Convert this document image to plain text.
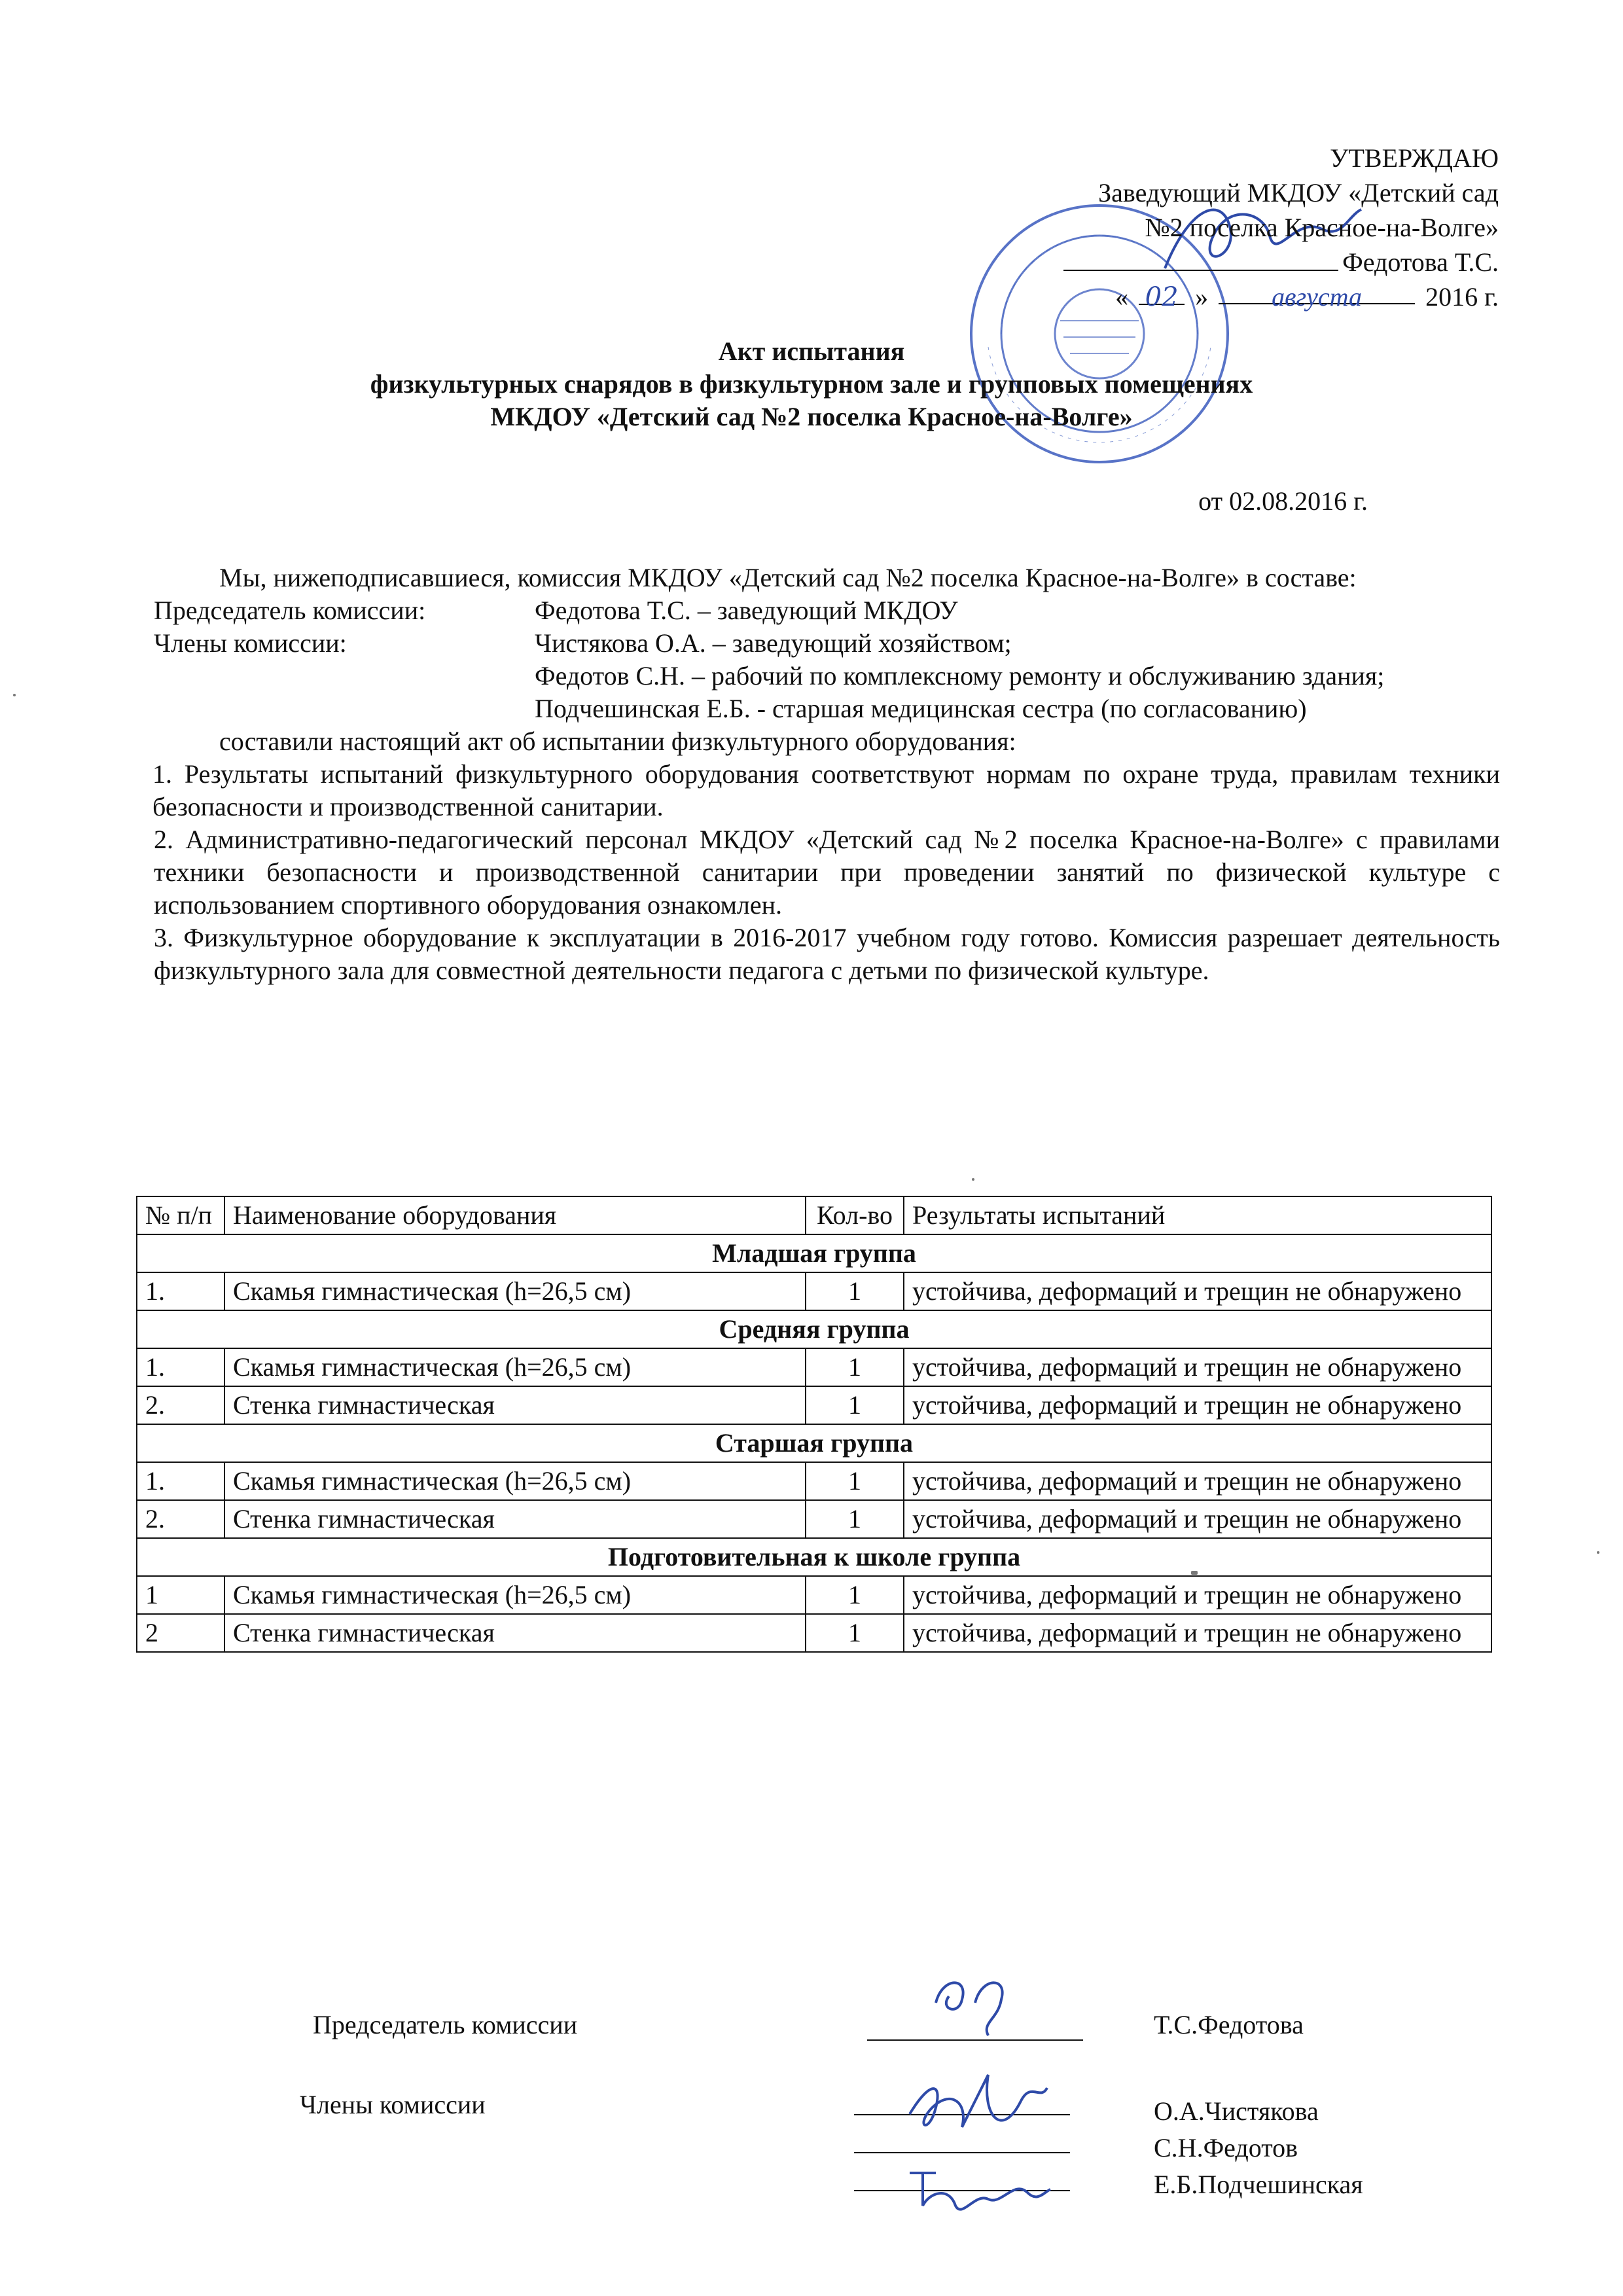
УТВЕРЖДАЮ
Заведующий МКДОУ «Детский сад
№2 поселка Красное-на-Волге»
Федотова Т.С.
« 02 » августа 2016 г.
Акт испытания
физкультурных снарядов в физкультурном зале и групповых помещениях
МКДОУ «Детский сад №2 поселка Красное-на-Волге»
от 02.08.2016 г.
Мы, нижеподписавшиеся, комиссия МКДОУ «Детский сад №2 поселка Красное-на-Волге» в составе:
Председатель комиссии:	Федотова Т.С. – заведующий МКДОУ
Члены комиссии:	Чистякова О.А. – заведующий хозяйством;
Федотов С.Н. – рабочий по комплексному ремонту и обслуживанию здания;
Подчешинская Е.Б. - старшая медицинская сестра (по согласованию)
составили настоящий акт об испытании физкультурного оборудования:
1. Результаты испытаний физкультурного оборудования соответствуют нормам по охране труда, правилам техники безопасности и производственной санитарии.
2. Административно-педагогический персонал МКДОУ «Детский сад №2 поселка Красное-на-Волге» с правилами техники безопасности и производственной санитарии при проведении занятий по физической культуре с использованием спортивного оборудования ознакомлен.
3. Физкультурное оборудование к эксплуатации в 2016-2017 учебном году готово. Комиссия разрешает деятельность физкультурного зала для совместной деятельности педагога с детьми по физической культуре.
№ п/п	Наименование оборудования	Кол-во	Результаты испытаний
Младшая группа			
1.	Скамья гимнастическая (h=26,5 см)	1	устойчива, деформаций и трещин не обнаружено
Средняя группа			
1.	Скамья гимнастическая (h=26,5 см)	1	устойчива, деформаций и трещин не обнаружено
2.	Стенка гимнастическая	1	устойчива, деформаций и трещин не обнаружено
Старшая группа			
1.	Скамья гимнастическая (h=26,5 см)	1	устойчива, деформаций и трещин не обнаружено
2.	Стенка гимнастическая	1	устойчива, деформаций и трещин не обнаружено
Подготовительная к школе группа			
1	Скамья гимнастическая (h=26,5 см)	1	устойчива, деформаций и трещин не обнаружено
2	Стенка гимнастическая	1	устойчива, деформаций и трещин не обнаружено
Председатель комиссии	Т.С.Федотова
Члены комиссии	О.А.Чистякова
С.Н.Федотов
Е.Б.Подчешинская
